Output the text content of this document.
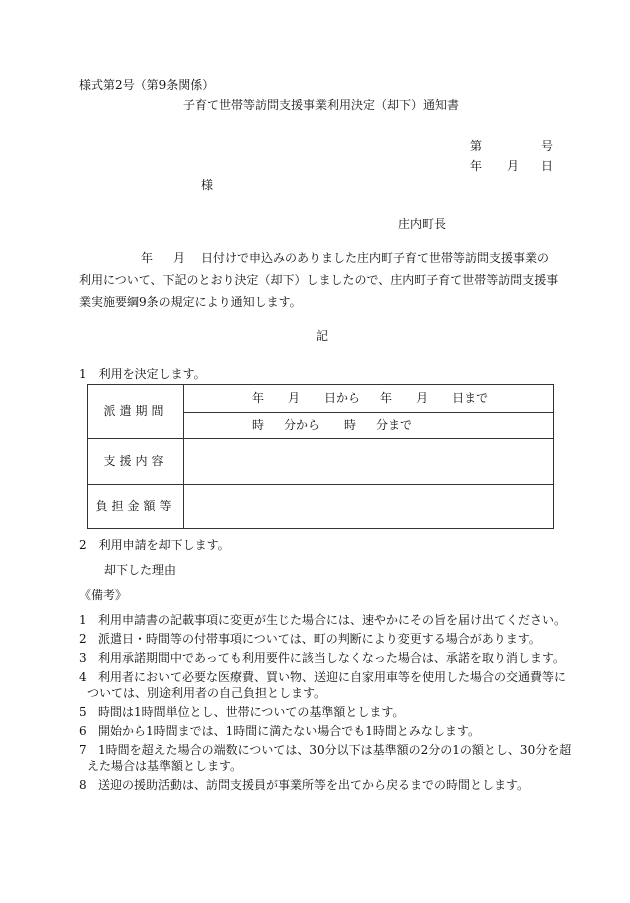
様式第2号（第9条関係）
子育て世帯等訪問支援事業利用決定（却下）通知書
第	号
年 月 日
様
庄内町長
年 月 日付けで申込みのありました庄内町子育て世帯等訪問支援事業の
利用について、下記のとおり決定（却下）しましたので、庄内町子育て世帯等訪問支援事
業実施要綱9条の規定により通知します。
記
1 利用を決定します。
派遣期間	年 月 日から 年 月 日まで
	時 分から 時 分まで
支援内容	
負担金額等	
2 利用申請を却下します。
却下した理由
《備考》
1 利用申請書の記載事項に変更が生じた場合には、速やかにその旨を届け出てください。
2 派遣日・時間等の付帯事項については、町の判断により変更する場合があります。
3 利用承諾期間中であっても利用要件に該当しなくなった場合は、承諾を取り消します。
4 利用者において必要な医療費、買い物、送迎に自家用車等を使用した場合の交通費等に
ついては、別途利用者の自己負担とします。
5 時間は1時間単位とし、世帯についての基準額とします。
6 開始から1時間までは、1時間に満たない場合でも1時間とみなします。
7 1時間を超えた場合の端数については、30分以下は基準額の2分の1の額とし、30分を超
えた場合は基準額とします。
8 送迎の援助活動は、訪問支援員が事業所等を出てから戻るまでの時間とします。
